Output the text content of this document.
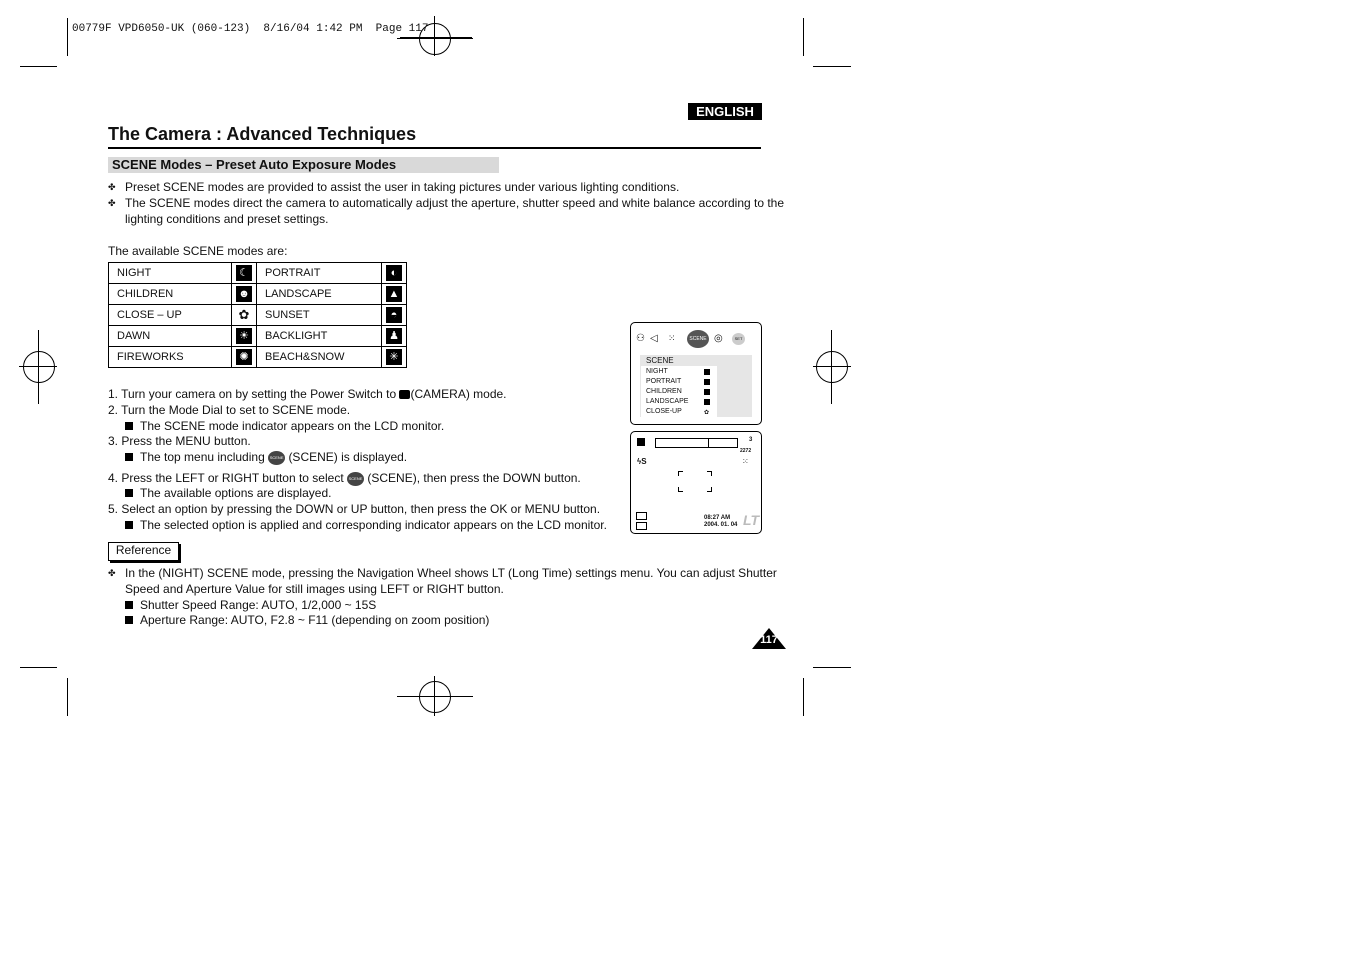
00779F VPD6050-UK (060-123)  8/16/04 1:42 PM  Page 117
ENGLISH
The Camera : Advanced Techniques
SCENE Modes – Preset Auto Exposure Modes
✤ Preset SCENE modes are provided to assist the user in taking pictures under various lighting conditions.
✤ The SCENE modes direct the camera to automatically adjust the aperture, shutter speed and white balance according to the
lighting conditions and preset settings.
The available SCENE modes are:
NIGHT	☾	PORTRAIT	◐
CHILDREN	☻	LANDSCAPE	▲
CLOSE – UP	✿	SUNSET	◓
DAWN	☀	BACKLIGHT	♟
FIREWORKS	✺	BEACH&SNOW	✳
1. Turn your camera on by setting the Power Switch to (CAMERA) mode.
2. Turn the Mode Dial to set to SCENE mode.
The SCENE mode indicator appears on the LCD monitor.
3. Press the MENU button.
The top menu including SCENE (SCENE) is displayed.
4. Press the LEFT or RIGHT button to select SCENE (SCENE), then press the DOWN button.
The available options are displayed.
5. Select an option by pressing the DOWN or UP button, then press the OK or MENU button.
The selected option is applied and corresponding indicator appears on the LCD monitor.
⚇ ◁ ⁙	SCENE ◎	SET
SCENE
NIGHT
PORTRAIT
CHILDREN
LANDSCAPE
CLOSE-UP	✿
3
2272
⁙
ϟS
08:27 AM
2004. 01. 04 LT
Reference
✤ In the (NIGHT) SCENE mode, pressing the Navigation Wheel shows LT (Long Time) settings menu. You can adjust Shutter
Speed and Aperture Value for still images using LEFT or RIGHT button.
Shutter Speed Range: AUTO, 1/2,000 ~ 15S
Aperture Range: AUTO, F2.8 ~ F11 (depending on zoom position)
117
